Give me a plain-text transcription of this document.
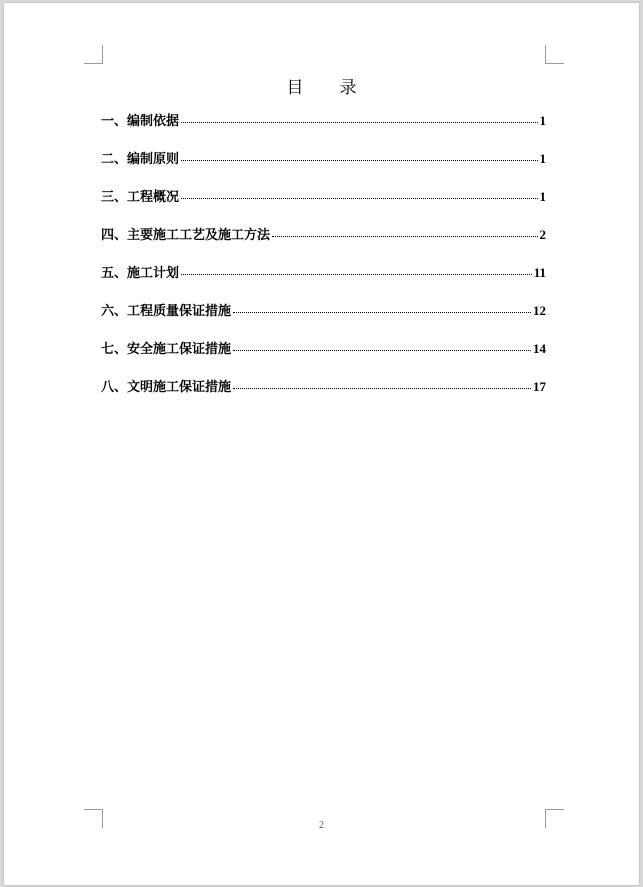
目 录
一、编制依据	1
二、编制原则	1
三、工程概况	1
四、主要施工工艺及施工方法	2
五、施工计划	11
六、工程质量保证措施	12
七、安全施工保证措施	14
八、文明施工保证措施	17
2
